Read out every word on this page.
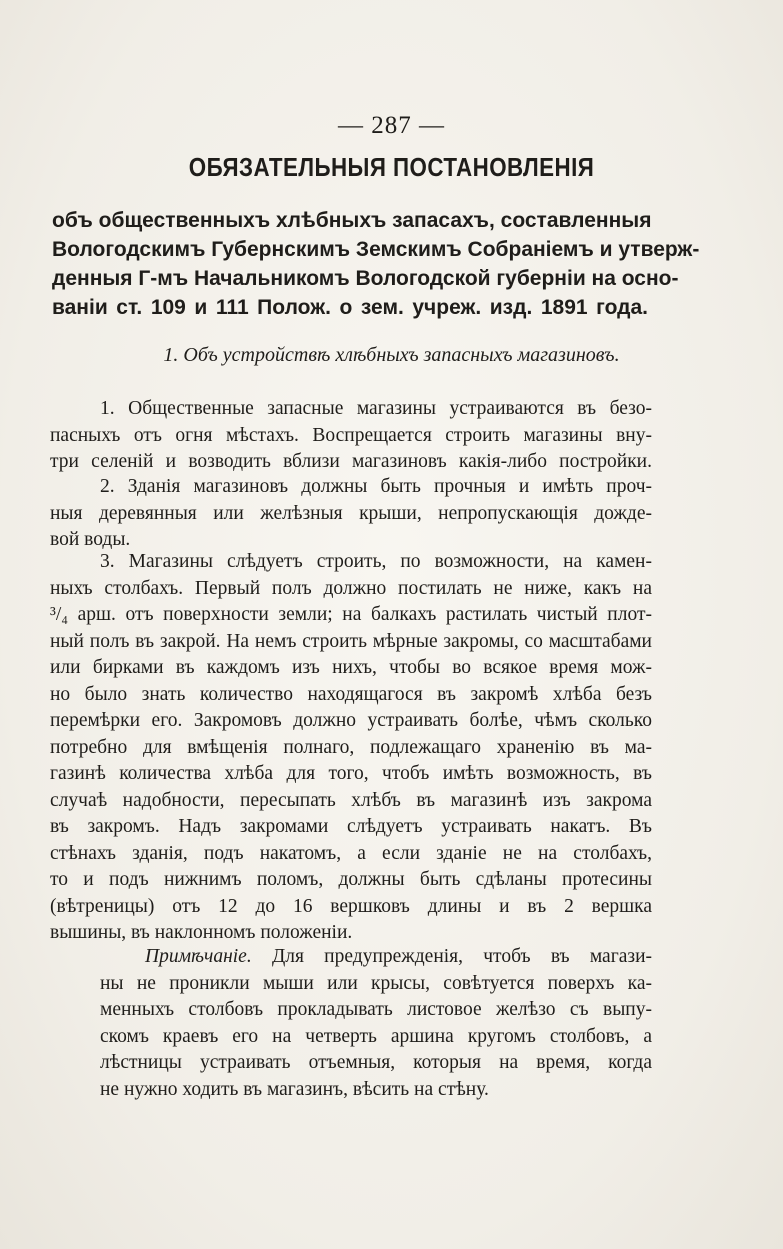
— 287 —
ОБЯЗАТЕЛЬНЫЯ ПОСТАНОВЛЕНІЯ
объ общественныхъ хлѣбныхъ запасахъ, составленныя
Вологодскимъ Губернскимъ Земскимъ Собраніемъ и утверж-
денныя Г-мъ Начальникомъ Вологодской губерніи на осно-
ваніи ст. 109 и 111 Полож. о зем. учреж. изд. 1891 года.
1. Объ устройствѣ хлѣбныхъ запасныхъ магазиновъ.
1. Общественные запасные магазины устраиваются въ безо-
пасныхъ отъ огня мѣстахъ. Воспрещается строить магазины вну-
три селеній и возводить вблизи магазиновъ какія-либо постройки.
2. Зданія магазиновъ должны быть прочныя и имѣть проч-
ныя деревянныя или желѣзныя крыши, непропускающія дожде-
вой воды.
3. Магазины слѣдуетъ строить, по возможности, на камен-
ныхъ столбахъ. Первый полъ должно постилать не ниже, какъ на
³/₄ арш. отъ поверхности земли; на балкахъ растилать чистый плот-
ный полъ въ закрой. На немъ строить мѣрные закромы, со масштабами
или бирками въ каждомъ изъ нихъ, чтобы во всякое время мож-
но было знать количество находящагося въ закромѣ хлѣба безъ
перемѣрки его. Закромовъ должно устраивать болѣе, чѣмъ сколько
потребно для вмѣщенія полнаго, подлежащаго храненію въ ма-
газинѣ количества хлѣба для того, чтобъ имѣть возможность, въ
случаѣ надобности, пересыпать хлѣбъ въ магазинѣ изъ закрома
въ закромъ. Надъ закромами слѣдуетъ устраивать накатъ. Въ
стѣнахъ зданія, подъ накатомъ, а если зданіе не на столбахъ,
то и подъ нижнимъ поломъ, должны быть сдѣланы протесины
(вѣтреницы) отъ 12 до 16 вершковъ длины и въ 2 вершка
вышины, въ наклонномъ положеніи.
Примѣчаніе. Для предупрежденія, чтобъ въ магази-
ны не проникли мыши или крысы, совѣтуется поверхъ ка-
менныхъ столбовъ прокладывать листовое желѣзо съ выпу-
скомъ краевъ его на четверть аршина кругомъ столбовъ, а
лѣстницы устраивать отъемныя, которыя на время, когда
не нужно ходить въ магазинъ, вѣсить на стѣну.
